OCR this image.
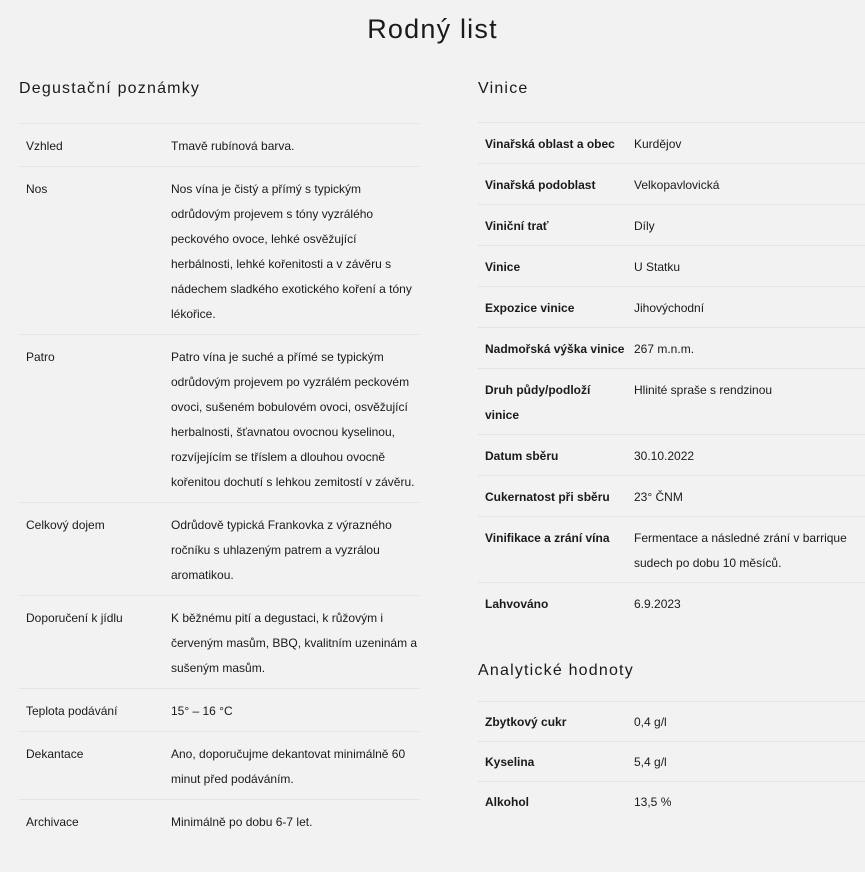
Rodný list
Degustační poznámky
Vzhled	Tmavě rubínová barva.
Nos	Nos vína je čistý a přímý s typickým odrůdovým projevem s tóny vyzrálého peckového ovoce, lehké osvěžující herbálnosti, lehké kořenitosti a v závěru s nádechem sladkého exotického koření a tóny lékořice.
Patro	Patro vína je suché a přímé se typickým odrůdovým projevem po vyzrálém peckovém ovoci, sušeném bobulovém ovoci, osvěžující herbalnosti, šťavnatou ovocnou kyselinou, rozvíjejícím se tříslem a dlouhou ovocně kořenitou dochutí s lehkou zemitostí v závěru.
Celkový dojem	Odrůdově typická Frankovka z výrazného ročníku s uhlazeným patrem a vyzrálou aromatikou.
Doporučení k jídlu	K běžnému pití a degustaci, k růžovým i červeným masům, BBQ, kvalitním uzeninám a sušeným masům.
Teplota podávání	15° – 16 °C
Dekantace	Ano, doporučujme dekantovat minimálně 60 minut před podáváním.
Archivace	Minimálně po dobu 6-7 let.
Vinice
Vinařská oblast a obec	Kurdějov
Vinařská podoblast	Velkopavlovická
Viniční trať	Díly
Vinice	U Statku
Expozice vinice	Jihovýchodní
Nadmořská výška vinice	267 m.n.m.
Druh půdy/podloží vinice	Hlinité spraše s rendzinou
Datum sběru	30.10.2022
Cukernatost při sběru	23° ČNM
Vinifikace a zrání vína	Fermentace a následné zrání v barrique sudech po dobu 10 měsíců.
Lahvováno	6.9.2023
Analytické hodnoty
Zbytkový cukr	0,4 g/l
Kyselina	5,4 g/l
Alkohol	13,5 %
